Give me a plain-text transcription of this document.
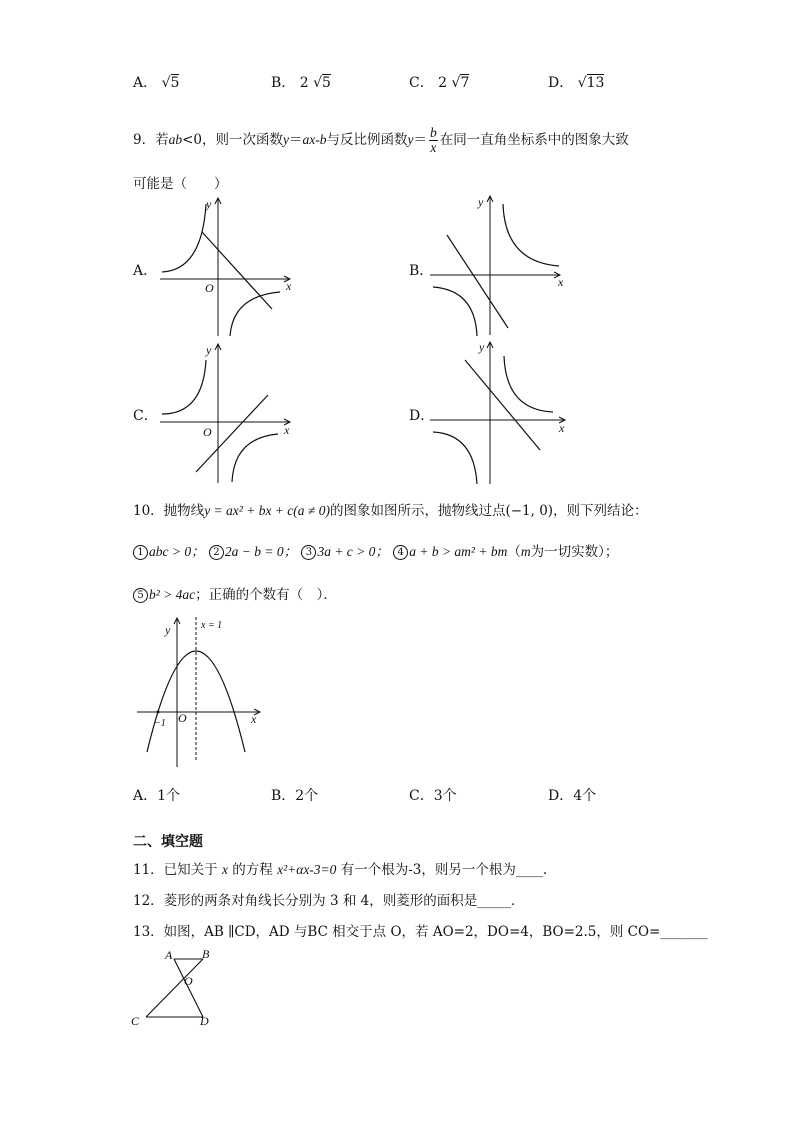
A． √5	B． 2 √5	C． 2 √7	D． √13
9．若ab<0，则一次函数y＝ax-b与反比例函数$y= \frac{b}{x}$ 在同一直角坐标系中的图象大致
可能是（　　）
A．
x
y
O
B．
x
y
C．
x
y
O
D．
x
y
10．抛物线y = ax² + bx + c(a ≠ 0)的图象如图所示，抛物线过点(−1, 0)，则下列结论：
1 abc > 0； 2 2a − b = 0； 3 3a + c > 0； 4 a + b > am² + bm（m为一切实数）；
5 b² > 4ac；正确的个数有（　）．
−1 O
y
x
x = 1
A．1个	B．2个	C．3个	D．4个
二、填空题
11．已知关于 x 的方程 x²+αx-3=0 有一个根为-3，则另一个根为____.
12．菱形的两条对角线长分别为 3 和 4，则菱形的面积是_____．
13．如图，AB ∥CD，AD 与BC 相交于点 O，若 AO=2，DO=4，BO=2.5，则 CO=_______
A B
O
C	D
